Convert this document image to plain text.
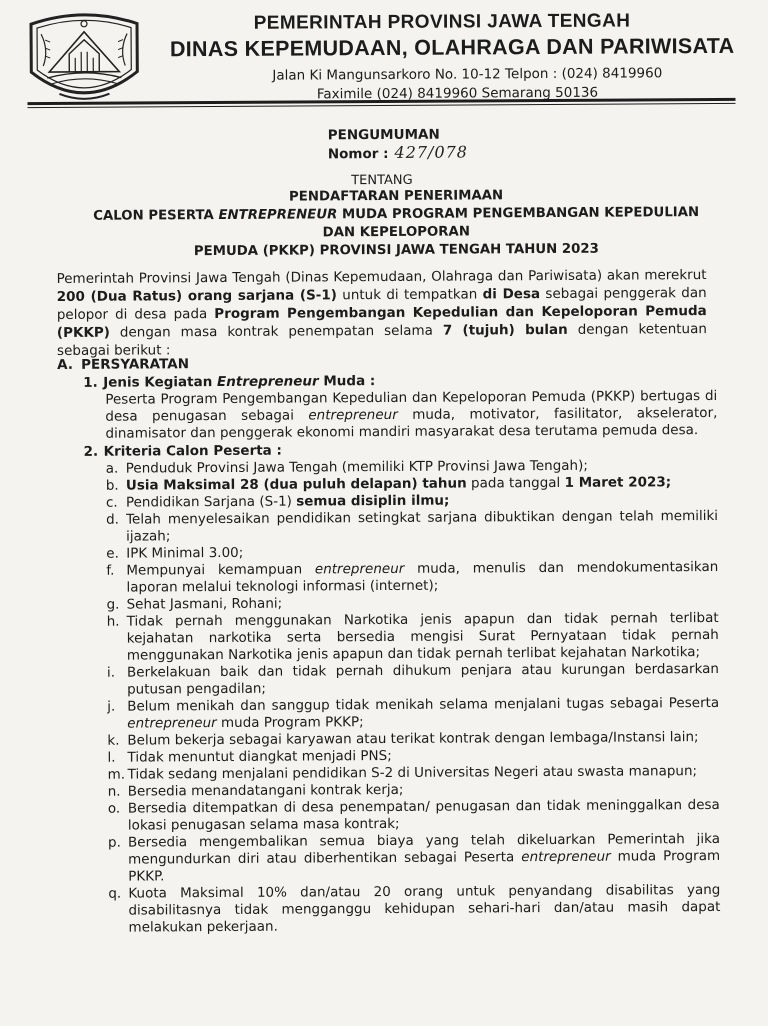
PEMERINTAH PROVINSI JAWA TENGAH
DINAS KEPEMUDAAN, OLAHRAGA DAN PARIWISATA
Jalan Ki Mangunsarkoro No. 10-12 Telpon : (024) 8419960
Faximile (024) 8419960 Semarang 50136
PENGUMUMAN
Nomor : 427/078
TENTANG
PENDAFTARAN PENERIMAAN
CALON PESERTA ENTREPRENEUR MUDA PROGRAM PENGEMBANGAN KEPEDULIAN
DAN KEPELOPORAN
PEMUDA (PKKP) PROVINSI JAWA TENGAH TAHUN 2023
Pemerintah Provinsi Jawa Tengah (Dinas Kepemudaan, Olahraga dan Pariwisata) akan merekrut 200 (Dua Ratus) orang sarjana (S-1) untuk di tempatkan di Desa sebagai penggerak dan pelopor di desa pada Program Pengembangan Kepedulian dan Kepeloporan Pemuda (PKKP) dengan masa kontrak penempatan selama 7 (tujuh) bulan dengan ketentuan sebagai berikut :
A. PERSYARATAN
1. Jenis Kegiatan Entrepreneur Muda :
Peserta Program Pengembangan Kepedulian dan Kepeloporan Pemuda (PKKP) bertugas di desa penugasan sebagai entrepreneur muda, motivator, fasilitator, akselerator, dinamisator dan penggerak ekonomi mandiri masyarakat desa terutama pemuda desa.
2. Kriteria Calon Peserta :
a. Penduduk Provinsi Jawa Tengah (memiliki KTP Provinsi Jawa Tengah);
b. Usia Maksimal 28 (dua puluh delapan) tahun pada tanggal 1 Maret 2023;
c. Pendidikan Sarjana (S-1) semua disiplin ilmu;
d. Telah menyelesaikan pendidikan setingkat sarjana dibuktikan dengan telah memiliki ijazah;
e. IPK Minimal 3.00;
f. Mempunyai kemampuan entrepreneur muda, menulis dan mendokumentasikan laporan melalui teknologi informasi (internet);
g. Sehat Jasmani, Rohani;
h. Tidak pernah menggunakan Narkotika jenis apapun dan tidak pernah terlibat kejahatan narkotika serta bersedia mengisi Surat Pernyataan tidak pernah menggunakan Narkotika jenis apapun dan tidak pernah terlibat kejahatan Narkotika;
i. Berkelakuan baik dan tidak pernah dihukum penjara atau kurungan berdasarkan putusan pengadilan;
j. Belum menikah dan sanggup tidak menikah selama menjalani tugas sebagai Peserta entrepreneur muda Program PKKP;
k. Belum bekerja sebagai karyawan atau terikat kontrak dengan lembaga/Instansi lain;
l. Tidak menuntut diangkat menjadi PNS;
m. Tidak sedang menjalani pendidikan S-2 di Universitas Negeri atau swasta manapun;
n. Bersedia menandatangani kontrak kerja;
o. Bersedia ditempatkan di desa penempatan/ penugasan dan tidak meninggalkan desa lokasi penugasan selama masa kontrak;
p. Bersedia mengembalikan semua biaya yang telah dikeluarkan Pemerintah jika mengundurkan diri atau diberhentikan sebagai Peserta entrepreneur muda Program PKKP.
q. Kuota Maksimal 10% dan/atau 20 orang untuk penyandang disabilitas yang disabilitasnya tidak mengganggu kehidupan sehari-hari dan/atau masih dapat melakukan pekerjaan.
